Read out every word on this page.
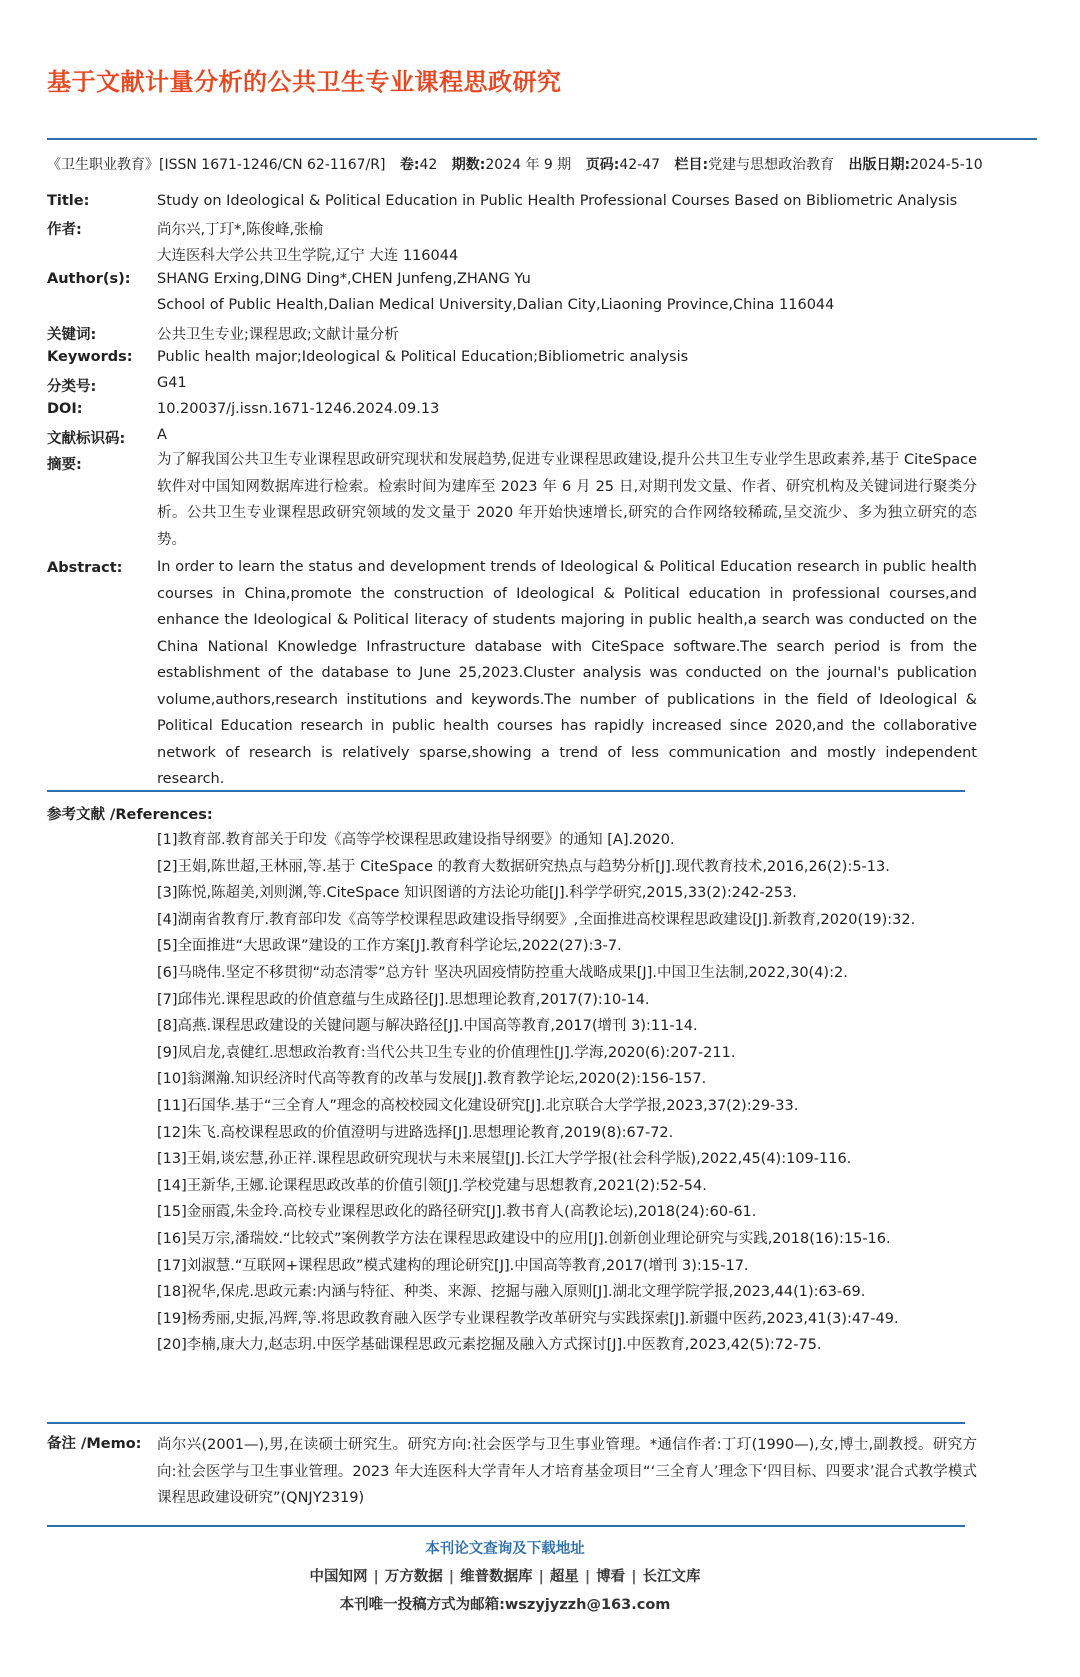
基于文献计量分析的公共卫生专业课程思政研究
《卫生职业教育》[ISSN 1671-1246/CN 62-1167/R] 卷:42 期数:2024 年 9 期 页码:42-47 栏目:党建与思想政治教育 出版日期:2024-5-10
Title:	Study on Ideological & Political Education in Public Health Professional Courses Based on Bibliometric Analysis
作者:	尚尔兴,丁玎*,陈俊峰,张榆
大连医科大学公共卫生学院,辽宁 大连 116044
Author(s): SHANG Erxing,DING Ding*,CHEN Junfeng,ZHANG Yu
School of Public Health,Dalian Medical University,Dalian City,Liaoning Province,China 116044
关键词:	公共卫生专业;课程思政;文献计量分析
Keywords: Public health major;Ideological & Political Education;Bibliometric analysis
分类号:	G41
DOI:	10.20037/j.issn.1671-1246.2024.09.13
文献标识码: A
摘要:	为了解我国公共卫生专业课程思政研究现状和发展趋势,促进专业课程思政建设,提升公共卫生专业学生思政素养,基于 CiteSpace 软件对中国知网数据库进行检索。检索时间为建库至 2023 年 6 月 25 日,对期刊发文量、作者、研究机构及关键词进行聚类分析。公共卫生专业课程思政研究领域的发文量于 2020 年开始快速增长,研究的合作网络较稀疏,呈交流少、多为独立研究的态势。
Abstract: In order to learn the status and development trends of Ideological & Political Education research in public health courses in China,promote the construction of Ideological & Political education in professional courses,and enhance the Ideological & Political literacy of students majoring in public health,a search was conducted on the China National Knowledge Infrastructure database with CiteSpace software.The search period is from the establishment of the database to June 25,2023.Cluster analysis was conducted on the journal's publication volume,authors,research institutions and keywords.The number of publications in the field of Ideological & Political Education research in public health courses has rapidly increased since 2020,and the collaborative network of research is relatively sparse,showing a trend of less communication and mostly independent research.
参考文献 /References:
[1]教育部.教育部关于印发《高等学校课程思政建设指导纲要》的通知 [A].2020.
[2]王娟,陈世超,王林丽,等.基于 CiteSpace 的教育大数据研究热点与趋势分析[J].现代教育技术,2016,26(2):5-13.
[3]陈悦,陈超美,刘则渊,等.CiteSpace 知识图谱的方法论功能[J].科学学研究,2015,33(2):242-253.
[4]湖南省教育厅.教育部印发《高等学校课程思政建设指导纲要》,全面推进高校课程思政建设[J].新教育,2020(19):32.
[5]全面推进“大思政课”建设的工作方案[J].教育科学论坛,2022(27):3-7.
[6]马晓伟.坚定不移贯彻“动态清零”总方针 坚决巩固疫情防控重大战略成果[J].中国卫生法制,2022,30(4):2.
[7]邱伟光.课程思政的价值意蕴与生成路径[J].思想理论教育,2017(7):10-14.
[8]高燕.课程思政建设的关键问题与解决路径[J].中国高等教育,2017(增刊 3):11-14.
[9]凤启龙,袁健红.思想政治教育:当代公共卫生专业的价值理性[J].学海,2020(6):207-211.
[10]翁渊瀚.知识经济时代高等教育的改革与发展[J].教育教学论坛,2020(2):156-157.
[11]石国华.基于“三全育人”理念的高校校园文化建设研究[J].北京联合大学学报,2023,37(2):29-33.
[12]朱飞.高校课程思政的价值澄明与进路选择[J].思想理论教育,2019(8):67-72.
[13]王娟,谈宏慧,孙正祥.课程思政研究现状与未来展望[J].长江大学学报(社会科学版),2022,45(4):109-116.
[14]王新华,王娜.论课程思政改革的价值引领[J].学校党建与思想教育,2021(2):52-54.
[15]金丽霞,朱金玲.高校专业课程思政化的路径研究[J].教书育人(高教论坛),2018(24):60-61.
[16]吴万宗,潘瑞姣.“比较式”案例教学方法在课程思政建设中的应用[J].创新创业理论研究与实践,2018(16):15-16.
[17]刘淑慧.“互联网+课程思政”模式建构的理论研究[J].中国高等教育,2017(增刊 3):15-17.
[18]祝华,保虎.思政元素:内涵与特征、种类、来源、挖掘与融入原则[J].湖北文理学院学报,2023,44(1):63-69.
[19]杨秀丽,史振,冯辉,等.将思政教育融入医学专业课程教学改革研究与实践探索[J].新疆中医药,2023,41(3):47-49.
[20]李楠,康大力,赵志玥.中医学基础课程思政元素挖掘及融入方式探讨[J].中医教育,2023,42(5):72-75.
备注 /Memo: 尚尔兴(2001—),男,在读硕士研究生。研究方向:社会医学与卫生事业管理。*通信作者:丁玎(1990—),女,博士,副教授。研究方向:社会医学与卫生事业管理。2023 年大连医科大学青年人才培育基金项目“‘三全育人’理念下‘四目标、四要求’混合式教学模式课程思政建设研究”(QNJY2319)
本刊论文查询及下载地址
中国知网 | 万方数据 | 维普数据库 | 超星 | 博看 | 长江文库
本刊唯一投稿方式为邮箱:wszyjyzzh@163.com
